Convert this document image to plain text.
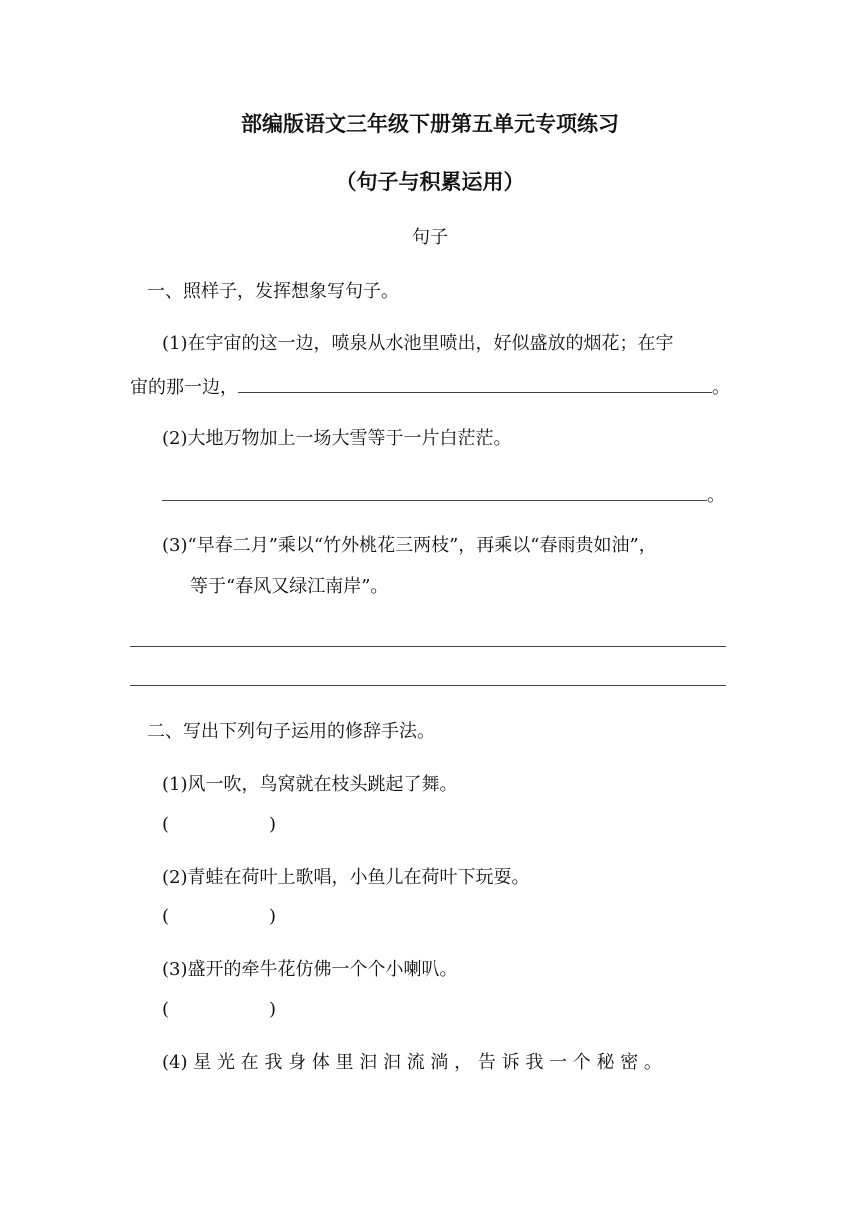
部编版语文三年级下册第五单元专项练习
（句子与积累运用）
句子
一、照样子，发挥想象写句子。
(1)在宇宙的这一边，喷泉从水池里喷出，好似盛放的烟花；在宇
宙的那一边，	。
(2)大地万物加上一场大雪等于一片白茫茫。
。
(3)“早春二月”乘以“竹外桃花三两枝”，再乘以“春雨贵如油”，
等于“春风又绿江南岸”。
二、写出下列句子运用的修辞手法。
(1)风一吹，鸟窝就在枝头跳起了舞。
(	)
(2)青蛙在荷叶上歌唱，小鱼儿在荷叶下玩耍。
(	)
(3)盛开的牵牛花仿佛一个个小喇叭。
(	)
(4) 星 光 在 我 身 体 里 汩 汩 流 淌 ， 告 诉 我 一 个 秘 密 。
